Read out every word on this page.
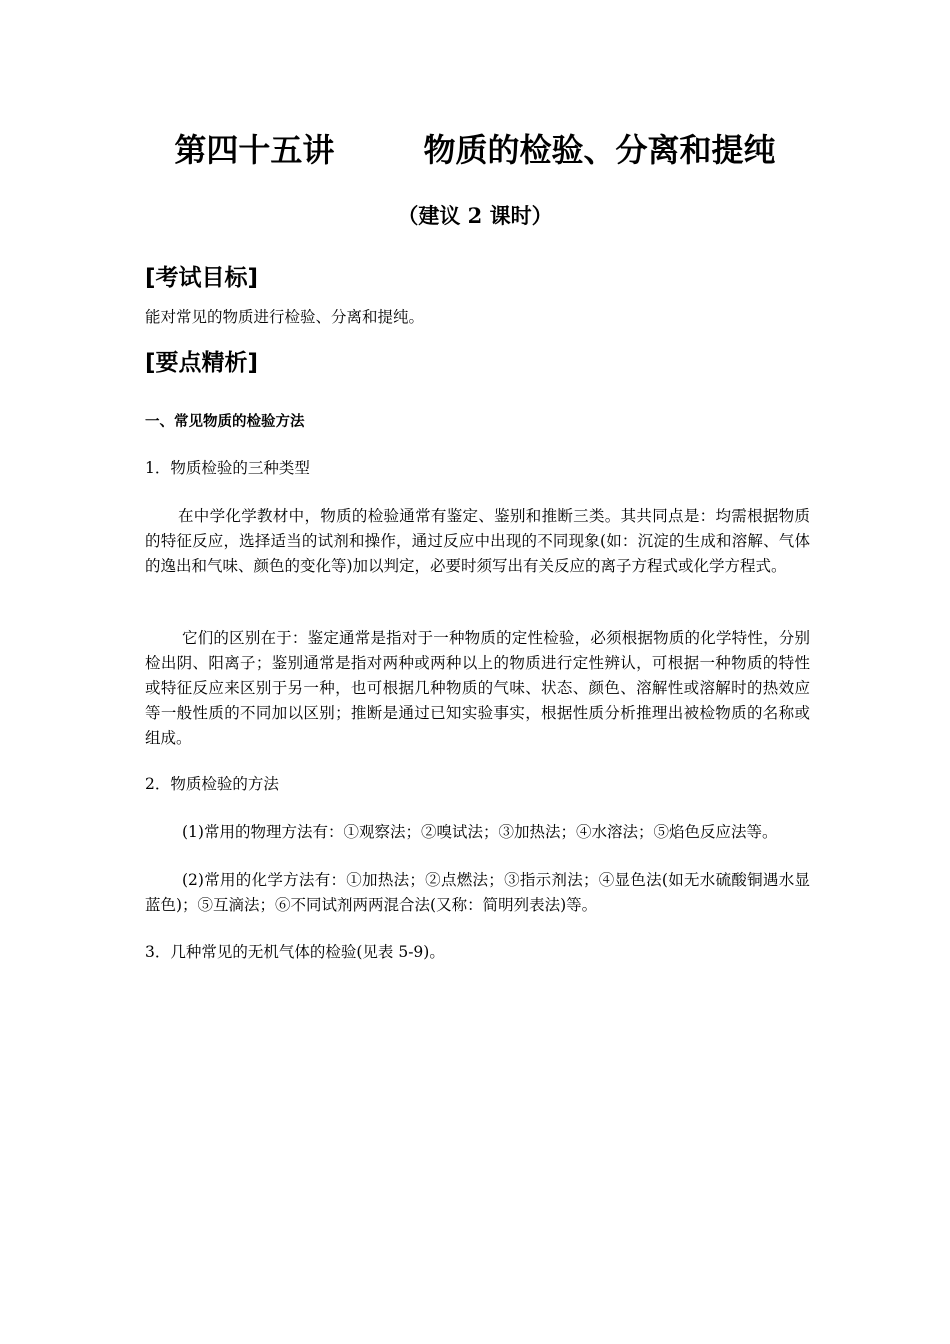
第四十五讲        物质的检验、分离和提纯
（建议 2 课时）
[考试目标]
能对常见的物质进行检验、分离和提纯。
[要点精析]
一、常见物质的检验方法
1．物质检验的三种类型
在中学化学教材中，物质的检验通常有鉴定、鉴别和推断三类。其共同点是：均需根据物质的特征反应，选择适当的试剂和操作，通过反应中出现的不同现象(如：沉淀的生成和溶解、气体的逸出和气味、颜色的变化等)加以判定，必要时须写出有关反应的离子方程式或化学方程式。
它们的区别在于：鉴定通常是指对于一种物质的定性检验，必须根据物质的化学特性，分别检出阴、阳离子；鉴别通常是指对两种或两种以上的物质进行定性辨认，可根据一种物质的特性或特征反应来区别于另一种，也可根据几种物质的气味、状态、颜色、溶解性或溶解时的热效应等一般性质的不同加以区别；推断是通过已知实验事实，根据性质分析推理出被检物质的名称或组成。
2．物质检验的方法
(1)常用的物理方法有：①观察法；②嗅试法；③加热法；④水溶法；⑤焰色反应法等。
(2)常用的化学方法有：①加热法；②点燃法；③指示剂法；④显色法(如无水硫酸铜遇水显蓝色)；⑤互滴法；⑥不同试剂两两混合法(又称：简明列表法)等。
3．几种常见的无机气体的检验(见表 5-9)。
